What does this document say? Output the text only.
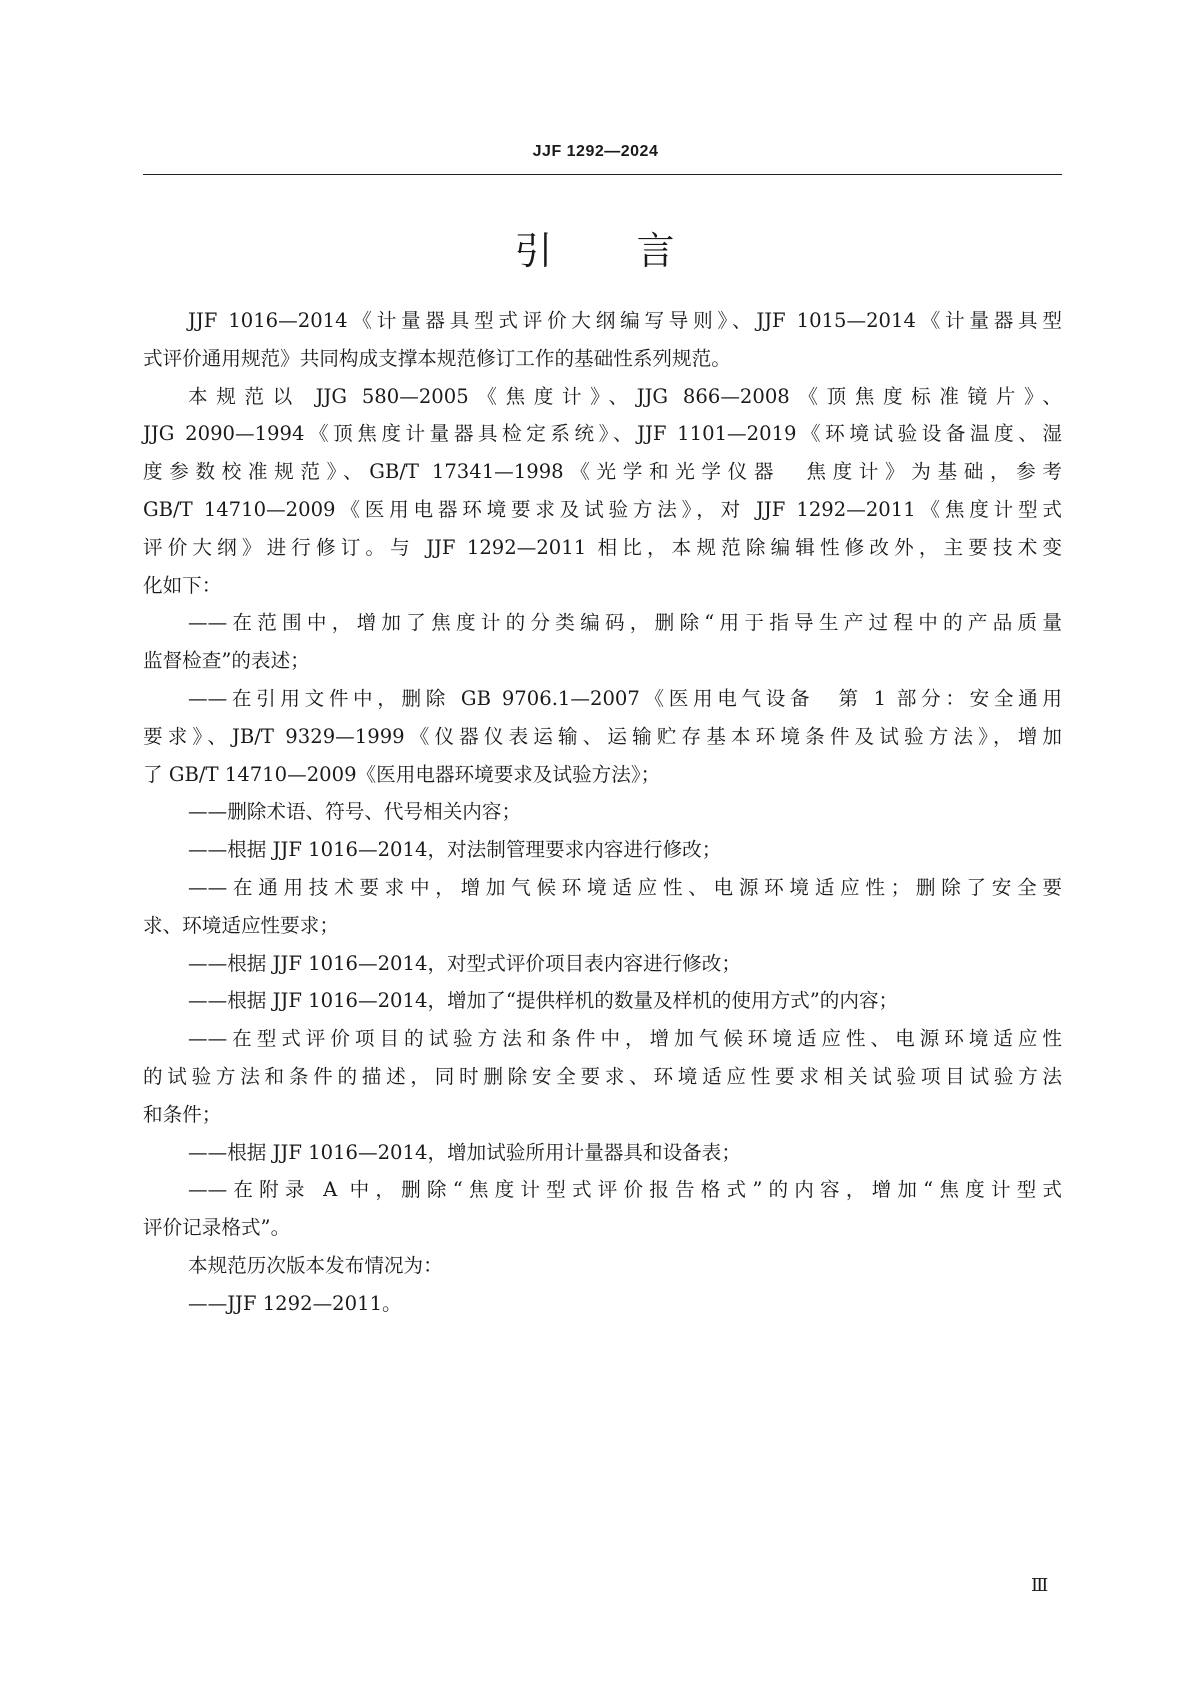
JJF 1292—2024
引 言
JJF 1016—2014《计量器具型式评价大纲编写导则》、JJF 1015—2014《计量器具型
式评价通用规范》共同构成支撑本规范修订工作的基础性系列规范。
本规范以 JJG 580—2005《焦度计》、JJG 866—2008《顶焦度标准镜片》、
JJG 2090—1994《顶焦度计量器具检定系统》、JJF 1101—2019《环境试验设备温度、湿
度参数校准规范》、GB/T 17341—1998《光学和光学仪器　焦度计》为基础，参考
GB/T 14710—2009《医用电器环境要求及试验方法》，对 JJF 1292—2011《焦度计型式
评价大纲》进行修订。与 JJF 1292—2011 相比，本规范除编辑性修改外，主要技术变
化如下：
——在范围中，增加了焦度计的分类编码，删除“用于指导生产过程中的产品质量
监督检查”的表述；
——在引用文件中，删除 GB 9706.1—2007《医用电气设备　第 1 部分：安全通用
要求》、JB/T 9329—1999《仪器仪表运输、运输贮存基本环境条件及试验方法》，增加
了 GB/T 14710—2009《医用电器环境要求及试验方法》；
——删除术语、符号、代号相关内容；
——根据 JJF 1016—2014，对法制管理要求内容进行修改；
——在通用技术要求中，增加气候环境适应性、电源环境适应性；删除了安全要
求、环境适应性要求；
——根据 JJF 1016—2014，对型式评价项目表内容进行修改；
——根据 JJF 1016—2014，增加了“提供样机的数量及样机的使用方式”的内容；
——在型式评价项目的试验方法和条件中，增加气候环境适应性、电源环境适应性
的试验方法和条件的描述，同时删除安全要求、环境适应性要求相关试验项目试验方法
和条件；
——根据 JJF 1016—2014，增加试验所用计量器具和设备表；
——在附录 A 中，删除“焦度计型式评价报告格式”的内容，增加“焦度计型式
评价记录格式”。
本规范历次版本发布情况为：
——JJF 1292—2011。
Ⅲ
